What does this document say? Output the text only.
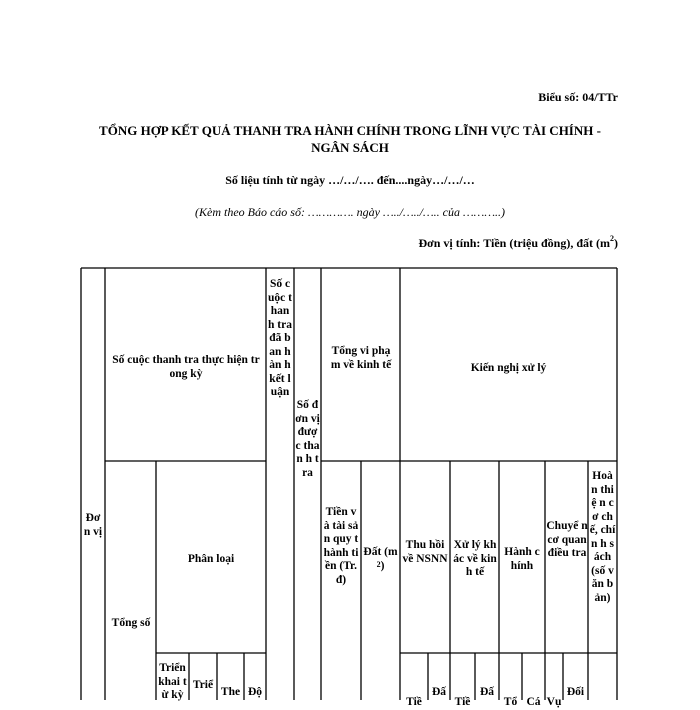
Biểu số: 04/TTr
TỔNG HỢP KẾT QUẢ THANH TRA HÀNH CHÍNH TRONG LĨNH VỰC TÀI CHÍNH -
NGÂN SÁCH
Số liệu tính từ ngày …/…/…. đến....ngày…/…/…
(Kèm theo Báo cáo số: …………. ngày …../…../….. của ………..)
Đơn vị tính: Tiền (triệu đồng), đất $(m^2)$
Đơ n vị
Số cuộc thanh tra thực hiện trong kỳ
Số cuộc than h tra đã ban hàn h kết luận
Số đơn vị đượ c than h tra
Tổng vi phạm về kinh tế	Kiến nghị xử lý
Tổng số
Phân loại
Tiền và tài sản quy thành tiền (Tr.đ)
Đất $(m^2)$
Thu hồi về NSNN
Xử lý khác về kinh tế
Hành chính
Chuyể n cơ quan điều tra
Hoà n thiệ n cơ chế, chín h sách (số văn bản)
Triển khai từ kỳ
Triể
The Độ
Tiề
Đấ
Tiề
Đấ
Tổ Cá Vụ
Đối
